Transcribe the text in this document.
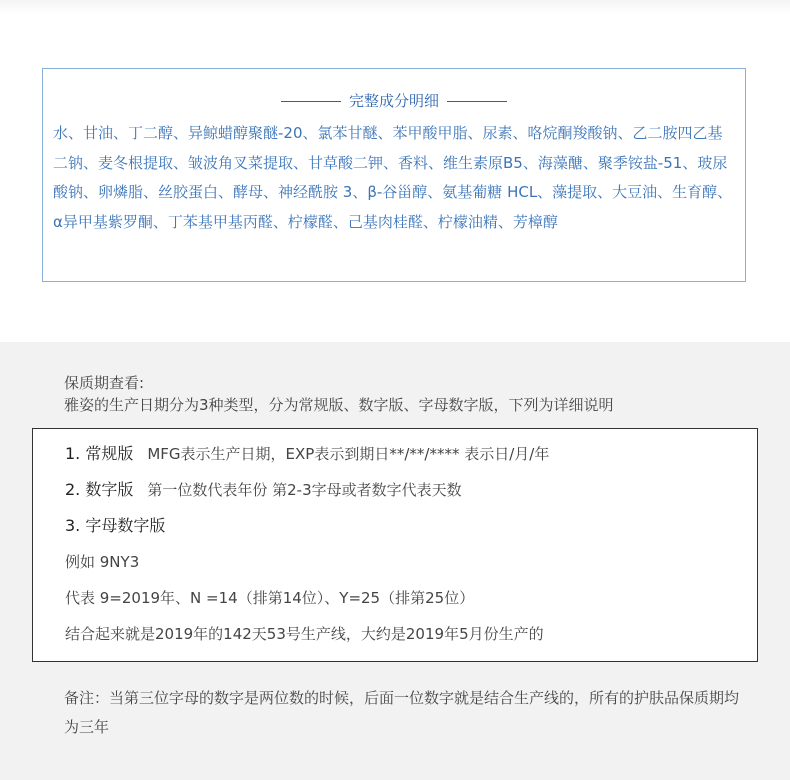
完整成分明细

水、甘油、丁二醇、异鲸蜡醇聚醚-20、氯苯甘醚、苯甲酸甲脂、尿素、咯烷酮羧酸钠、乙二胺四乙基二钠、麦冬根提取、皱波角叉菜提取、甘草酸二钾、香料、维生素原B5、海藻醣、聚季铵盐-51、玻尿酸钠、卵燐脂、丝胶蛋白、酵母、神经酰胺 3、β-谷甾醇、氨基葡糖 HCL、藻提取、大豆油、生育醇、α异甲基紫罗酮、丁苯基甲基丙醛、柠檬醛、己基肉桂醛、柠檬油精、芳樟醇

保质期查看:
雅姿的生产日期分为3种类型，分为常规版、数字版、字母数字版，下列为详细说明
1. 常规版 MFG表示生产日期，EXP表示到期日**/**/**** 表示日/月/年
2. 数字版 第一位数代表年份 第2-3字母或者数字代表天数
3. 字母数字版
例如 9NY3
代表 9=2019年、N =14（排第14位）、Y=25（排第25位）
结合起来就是2019年的142天53号生产线，大约是2019年5月份生产的
备注：当第三位字母的数字是两位数的时候，后面一位数字就是结合生产线的，所有的护肤品保质期均为三年
